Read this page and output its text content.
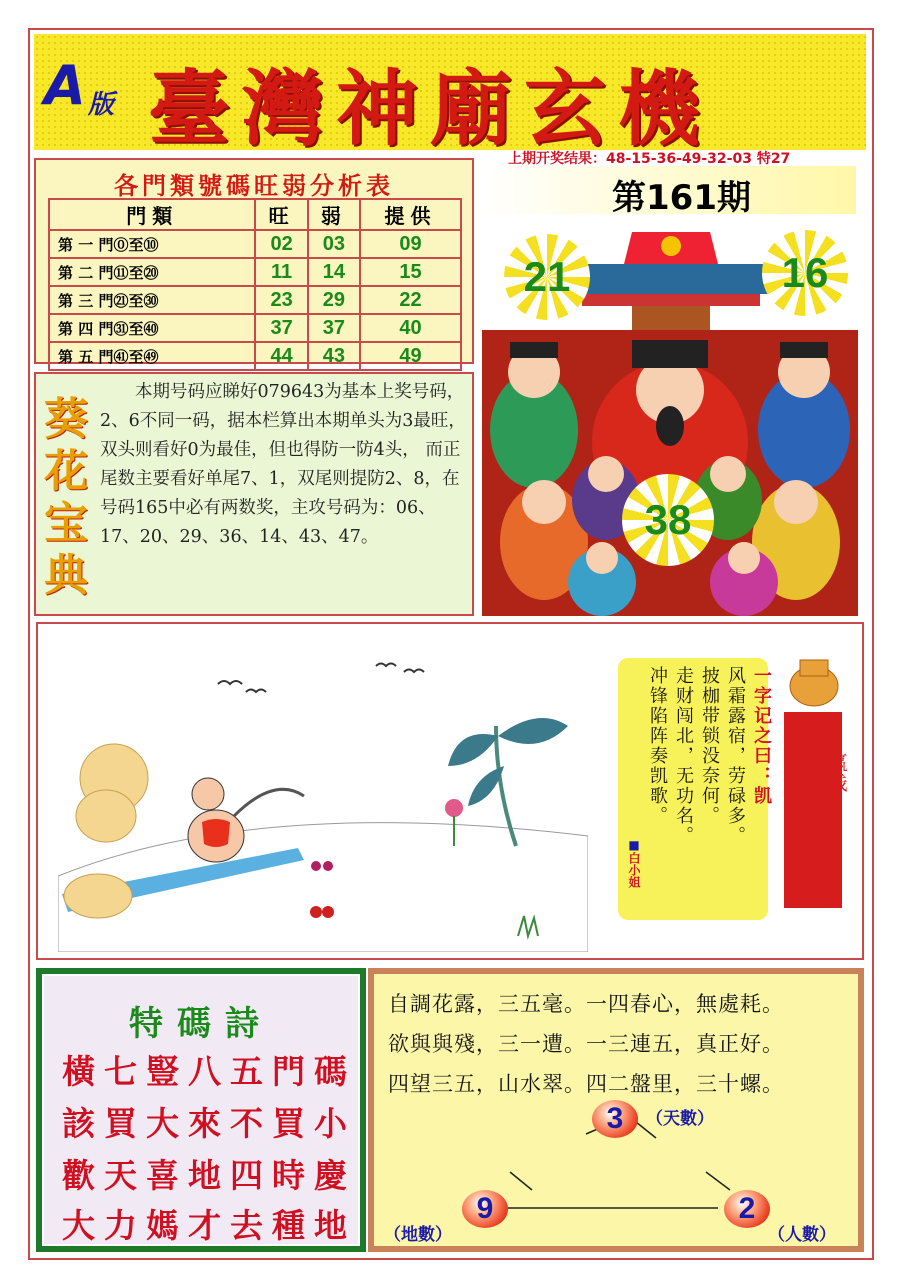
A 版 臺灣神廟玄機
上期开奖结果：48-15-36-49-32-03 特27
第161期
各門類號碼旺弱分析表
門類	旺	弱	提供
第 一 門⓪至⑩	02	03	09
第 二 門⑪至⑳	11	14	15
第 三 門㉑至㉚	23	29	22
第 四 門㉛至㊵	37	37	40
第 五 門㊶至㊾	44	43	49
葵花宝典
本期号码应睇好079643为基本上奖号码，2、6不同一码，据本栏算出本期单头为3最旺，双头则看好0为最佳，但也得防一防4头， 而正尾数主要看好单尾7、1，双尾则提防2、8，在号码165中必有两数奖，主攻号码为：06、17、20、29、36、14、43、47。
21	16
38
一字记之曰：凯
风霜露宿，劳碌多。
披枷带锁没奈何。
走财闯北，无功名。
冲锋陷阵奏凯歌。
■白小姐
赢钱
锦囊
特碼詩
橫七豎八五門碼
該買大來不買小
歡天喜地四時慶
大力媽才去種地
自調花露，三五毫。一四春心，無處耗。
欲與與殘，三一遭。一三連五，真正好。
四望三五，山水翠。四二盤里，三十螺。
3	（天數）
9
（地數）
2
（人數）
